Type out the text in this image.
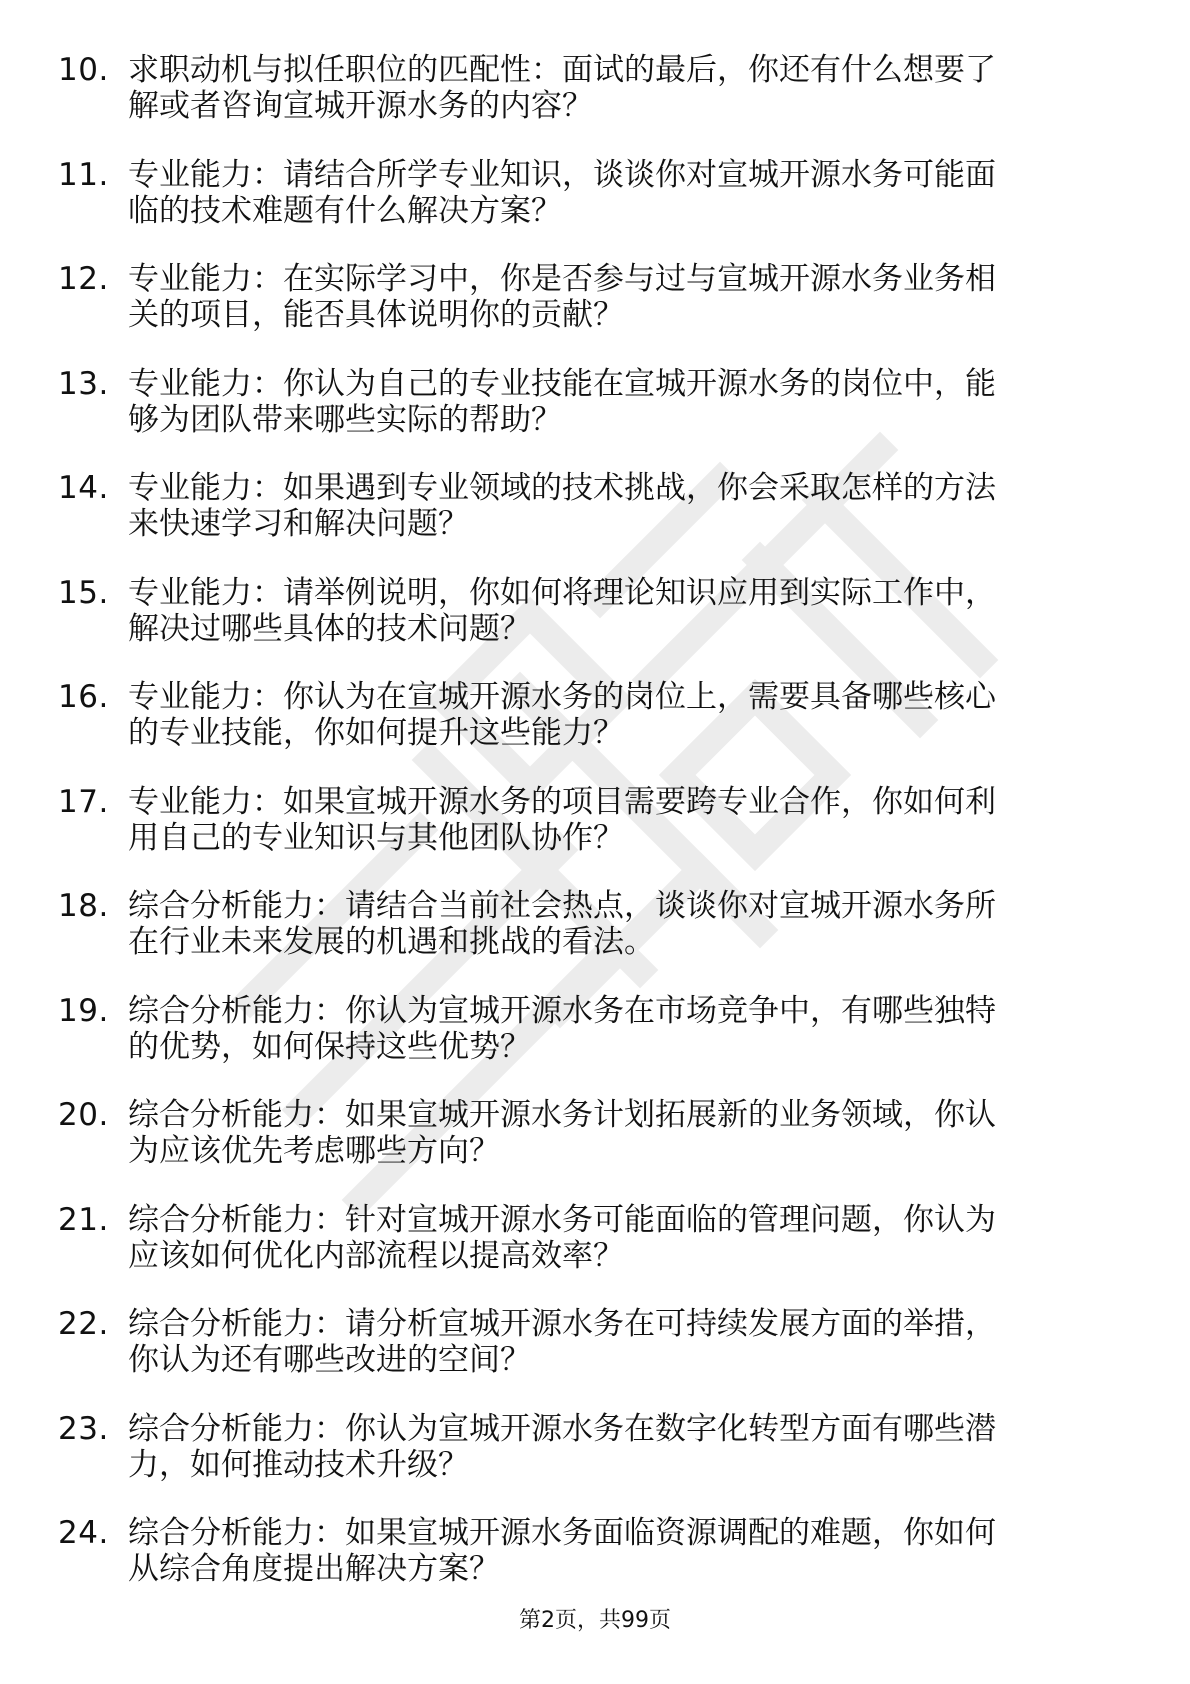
10. 求职动机与拟任职位的匹配性：面试的最后，你还有什么想要了
解或者咨询宣城开源水务的内容？
11. 专业能力：请结合所学专业知识，谈谈你对宣城开源水务可能面
临的技术难题有什么解决方案？
12. 专业能力：在实际学习中，你是否参与过与宣城开源水务业务相
关的项目，能否具体说明你的贡献？
13. 专业能力：你认为自己的专业技能在宣城开源水务的岗位中，能
够为团队带来哪些实际的帮助？
14. 专业能力：如果遇到专业领域的技术挑战，你会采取怎样的方法
来快速学习和解决问题？
15. 专业能力：请举例说明，你如何将理论知识应用到实际工作中，
解决过哪些具体的技术问题？
16. 专业能力：你认为在宣城开源水务的岗位上，需要具备哪些核心
的专业技能，你如何提升这些能力？
17. 专业能力：如果宣城开源水务的项目需要跨专业合作，你如何利
用自己的专业知识与其他团队协作？
18. 综合分析能力：请结合当前社会热点，谈谈你对宣城开源水务所
在行业未来发展的机遇和挑战的看法。
19. 综合分析能力：你认为宣城开源水务在市场竞争中，有哪些独特
的优势，如何保持这些优势？
20. 综合分析能力：如果宣城开源水务计划拓展新的业务领域，你认
为应该优先考虑哪些方向？
21. 综合分析能力：针对宣城开源水务可能面临的管理问题，你认为
应该如何优化内部流程以提高效率？
22. 综合分析能力：请分析宣城开源水务在可持续发展方面的举措，
你认为还有哪些改进的空间？
23. 综合分析能力：你认为宣城开源水务在数字化转型方面有哪些潜
力，如何推动技术升级？
24. 综合分析能力：如果宣城开源水务面临资源调配的难题，你如何
从综合角度提出解决方案？
第2页，共99页
